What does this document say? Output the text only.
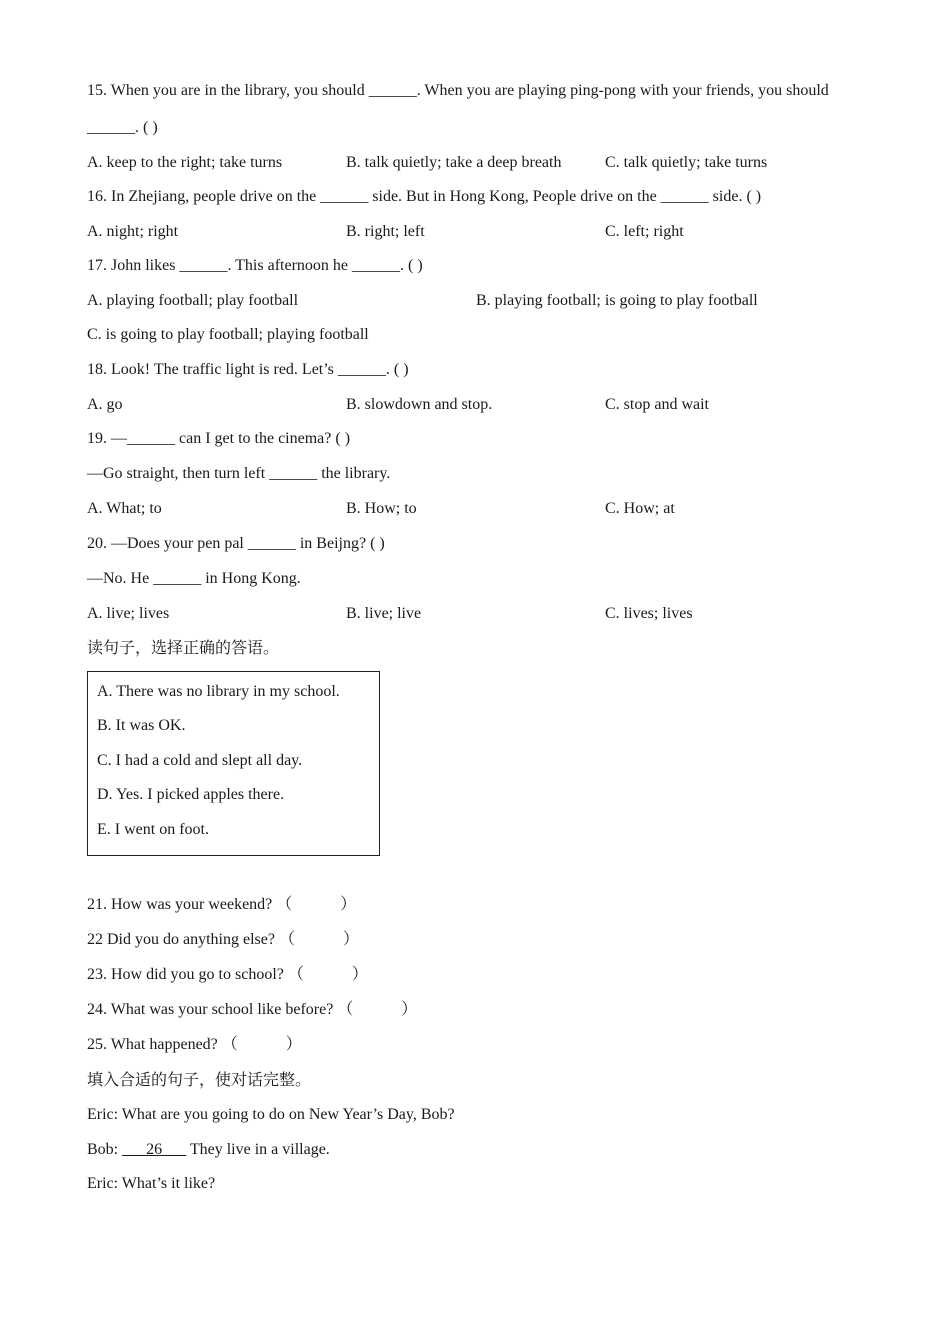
15. When you are in the library, you should ______. When you are playing ping-pong with your friends, you should
______. ( )
A. keep to the right; take turns	B. talk quietly; take a deep breath	C. talk quietly; take turns
16. In Zhejiang, people drive on the ______ side. But in Hong Kong, People drive on the ______ side. ( )
A. night; right	B. right; left	C. left; right
17. John likes ______. This afternoon he ______. ( )
A. playing football; play football	B. playing football; is going to play football
C. is going to play football; playing football
18. Look! The traffic light is red. Let’s ______. ( )
A. go	B. slowdown and stop.	C. stop and wait
19. —______ can I get to the cinema? ( )
—Go straight, then turn left ______ the library.
A. What; to	B. How; to	C. How; at
20. —Does your pen pal ______ in Beijng? ( )
—No. He ______ in Hong Kong.
A. live; lives	B. live; live	C. lives; lives
读句子，选择正确的答语。
A. There was no library in my school.
B. It was OK.
C. I had a cold and slept all day.
D. Yes. I picked apples there.
E. I went on foot.
21. How was your weekend? （　　　）
22 Did you do anything else? （　　　）
23. How did you go to school? （　　　）
24. What was your school like before? （　　　）
25. What happened? （　　　）
填入合适的句子，使对话完整。
Eric: What are you going to do on New Year’s Day, Bob?
Bob: ___26___ They live in a village.
Eric: What’s it like?
